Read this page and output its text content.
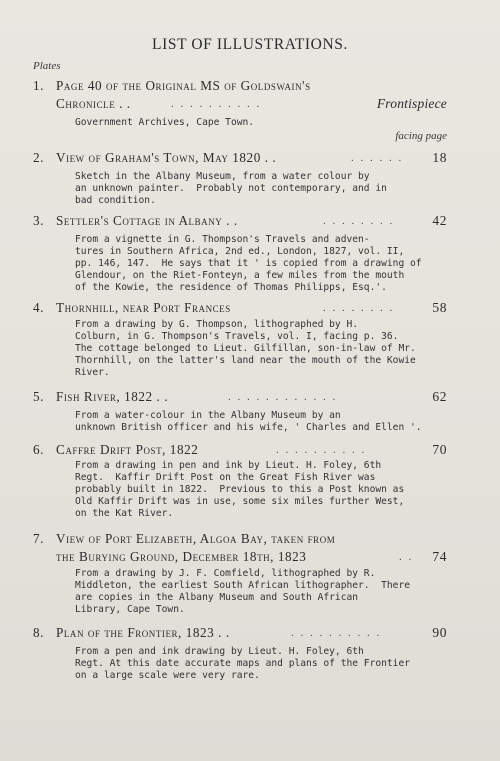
LIST OF ILLUSTRATIONS.
Plates
1. Page 40 of the Original MS of Goldswain's
Chronicle . .	. . . . . . . . . .	Frontispiece
Government Archives, Cape Town.
facing page
2. View of Graham's Town, May 1820 . .	. . . . . . 18
Sketch in the Albany Museum, from a water colour by
an unknown painter.  Probably not contemporary, and in
bad condition.
3. Settler's Cottage in Albany . .	. . . . . . . .	42
From a vignette in G. Thompson's Travels and adven-
tures in Southern Africa, 2nd ed., London, 1827, vol. II,
pp. 146, 147.  He says that it ' is copied from a drawing of
Glendour, on the Riet-Fonteyn, a few miles from the mouth
of the Kowie, the residence of Thomas Philipps, Esq.'.
4. Thornhill, near Port Frances	. . . . . . . .	58
From a drawing by G. Thompson, lithographed by H.
Colburn, in G. Thompson's Travels, vol. I, facing p. 36.
The cottage belonged to Lieut. Gilfillan, son-in-law of Mr.
Thornhill, on the latter's land near the mouth of the Kowie
River.
5. Fish River, 1822 . .	. . . . . . . . . . . .	62
From a water-colour in the Albany Museum by an
unknown British officer and his wife, ' Charles and Ellen '.
6. Caffre Drift Post, 1822	. . . . . . . . . .	70
From a drawing in pen and ink by Lieut. H. Foley, 6th
Regt.  Kaffir Drift Post on the Great Fish River was
probably built in 1822.  Previous to this a Post known as
Old Kaffir Drift was in use, some six miles further West,
on the Kat River.
7. View of Port Elizabeth, Algoa Bay, taken from
the Burying Ground, December 18th, 1823	. . 74
From a drawing by J. F. Comfield, lithographed by R.
Middleton, the earliest South African lithographer.  There
are copies in the Albany Museum and South African
Library, Cape Town.
8. Plan of the Frontier, 1823 . .	. . . . . . . . . .	90
From a pen and ink drawing by Lieut. H. Foley, 6th
Regt. At this date accurate maps and plans of the Frontier
on a large scale were very rare.
